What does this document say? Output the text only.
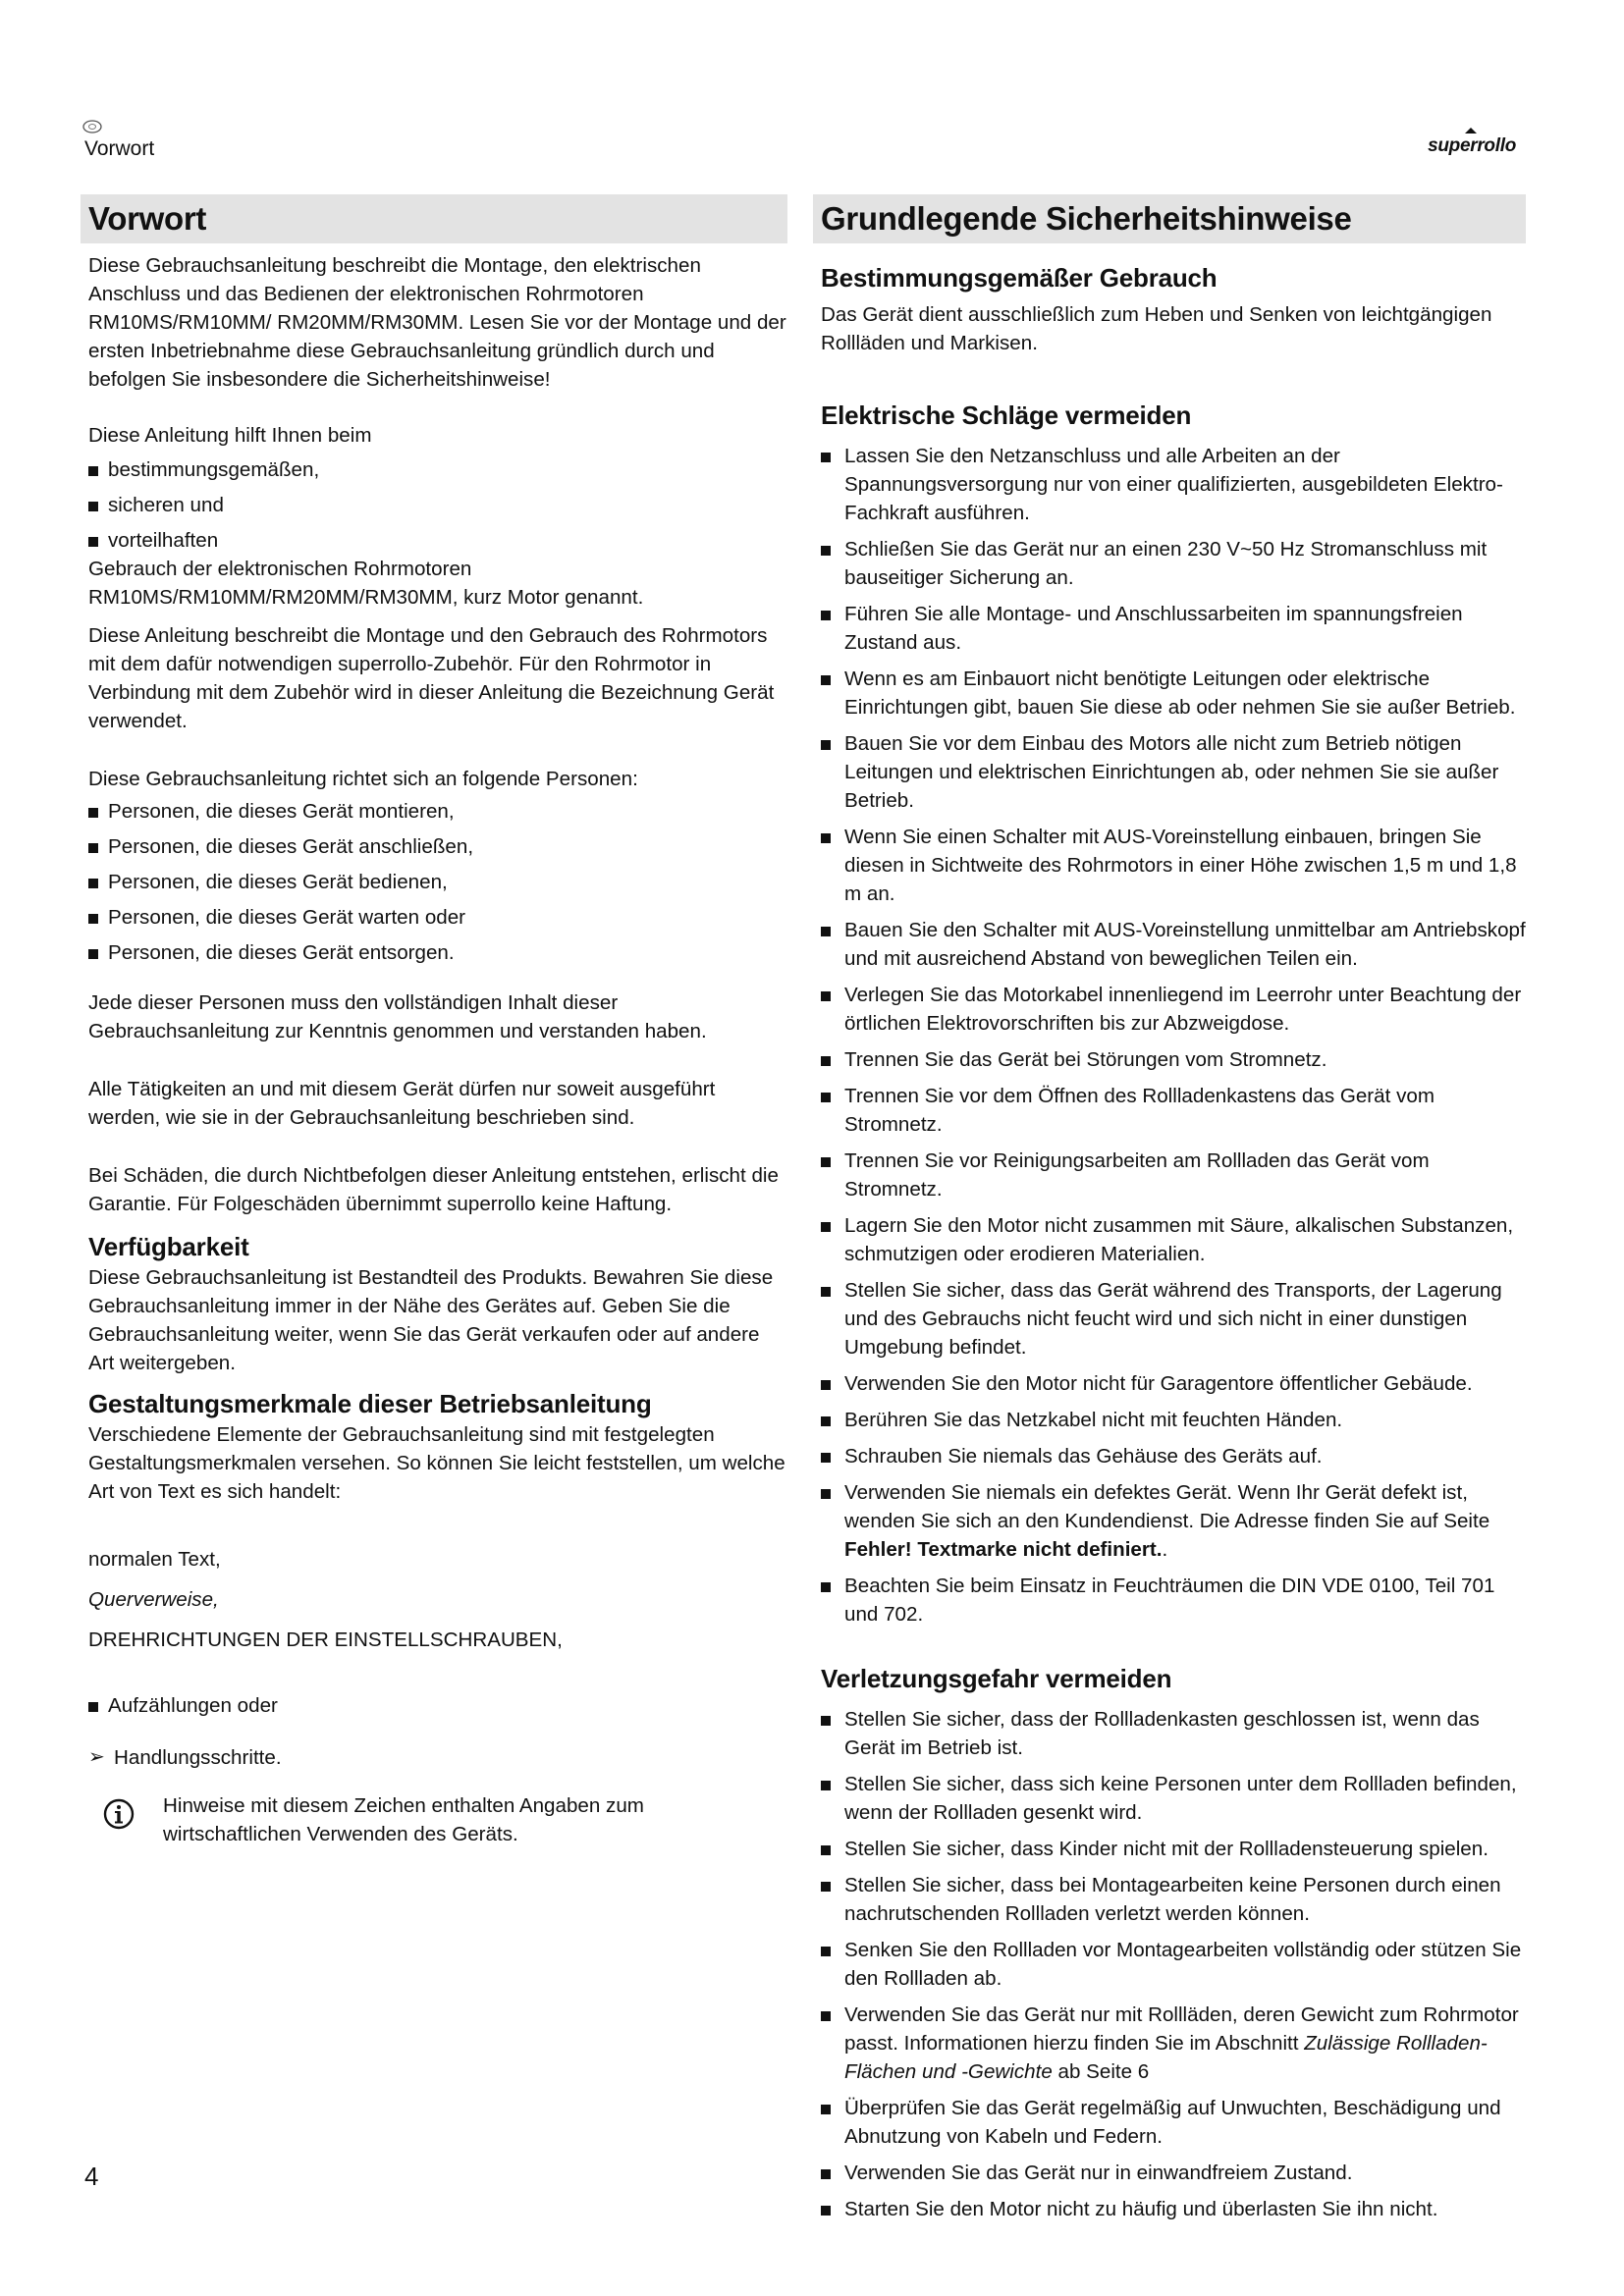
Vorwort	superrollo
Vorwort

Diese Gebrauchsanleitung beschreibt die Montage, den elektrischen Anschluss und das Bedienen der elektronischen Rohrmotoren RM10MS/RM10MM/ RM20MM/RM30MM. Lesen Sie vor der Montage und der ersten Inbetriebnahme diese Gebrauchsanleitung gründlich durch und befolgen Sie insbesondere die Sicherheitshinweise!

Diese Anleitung hilft Ihnen beim

bestimmungsgemäßen,
sicheren und
vorteilhaften

Gebrauch der elektronischen Rohrmotoren RM10MS/RM10MM/RM20MM/RM30MM, kurz Motor genannt.

Diese Anleitung beschreibt die Montage und den Gebrauch des Rohrmotors mit dem dafür notwendigen superrollo-Zubehör. Für den Rohrmotor in Verbindung mit dem Zubehör wird in dieser Anleitung die Bezeichnung Gerät verwendet.

Diese Gebrauchsanleitung richtet sich an folgende Personen:

Personen, die dieses Gerät montieren,
Personen, die dieses Gerät anschließen,
Personen, die dieses Gerät bedienen,
Personen, die dieses Gerät warten oder
Personen, die dieses Gerät entsorgen.

Jede dieser Personen muss den vollständigen Inhalt dieser Gebrauchsanleitung zur Kenntnis genommen und verstanden haben.

Alle Tätigkeiten an und mit diesem Gerät dürfen nur soweit ausgeführt werden, wie sie in der Gebrauchsanleitung beschrieben sind.

Bei Schäden, die durch Nichtbefolgen dieser Anleitung entstehen, erlischt die Garantie. Für Folgeschäden übernimmt superrollo keine Haftung.

Verfügbarkeit

Diese Gebrauchsanleitung ist Bestandteil des Produkts. Bewahren Sie diese Gebrauchsanleitung immer in der Nähe des Gerätes auf. Geben Sie die Gebrauchsanleitung weiter, wenn Sie das Gerät verkaufen oder auf andere Art weitergeben.

Gestaltungsmerkmale dieser Betriebsanleitung

Verschiedene Elemente der Gebrauchsanleitung sind mit festgelegten Gestaltungsmerkmalen versehen. So können Sie leicht feststellen, um welche Art von Text es sich handelt:

normalen Text,

Querverweise,

DREHRICHTUNGEN DER EINSTELLSCHRAUBEN,

Aufzählungen oder
➢ Handlungsschritte.
Hinweise mit diesem Zeichen enthalten Angaben zum wirtschaftlichen Verwenden des Geräts.
Grundlegende Sicherheitshinweise
Bestimmungsgemäßer Gebrauch

Das Gerät dient ausschließlich zum Heben und Senken von leichtgängigen Rollläden und Markisen.

Elektrische Schläge vermeiden
Lassen Sie den Netzanschluss und alle Arbeiten an der Spannungsversorgung nur von einer qualifizierten, ausgebildeten Elektro-Fachkraft ausführen.
Schließen Sie das Gerät nur an einen 230 V~50 Hz Stromanschluss mit bauseitiger Sicherung an.
Führen Sie alle Montage- und Anschlussarbeiten im spannungsfreien Zustand aus.
Wenn es am Einbauort nicht benötigte Leitungen oder elektrische Einrichtungen gibt, bauen Sie diese ab oder nehmen Sie sie außer Betrieb.
Bauen Sie vor dem Einbau des Motors alle nicht zum Betrieb nötigen Leitungen und elektrischen Einrichtungen ab, oder nehmen Sie sie außer Betrieb.
Wenn Sie einen Schalter mit AUS-Voreinstellung einbauen, bringen Sie diesen in Sichtweite des Rohrmotors in einer Höhe zwischen 1,5 m und 1,8 m an.
Bauen Sie den Schalter mit AUS-Voreinstellung unmittelbar am Antriebskopf und mit ausreichend Abstand von beweglichen Teilen ein.
Verlegen Sie das Motorkabel innenliegend im Leerrohr unter Beachtung der örtlichen Elektrovorschriften bis zur Abzweigdose.
Trennen Sie das Gerät bei Störungen vom Stromnetz.
Trennen Sie vor dem Öffnen des Rollladenkastens das Gerät vom Stromnetz.
Trennen Sie vor Reinigungsarbeiten am Rollladen das Gerät vom Stromnetz.
Lagern Sie den Motor nicht zusammen mit Säure, alkalischen Substanzen, schmutzigen oder erodieren Materialien.
Stellen Sie sicher, dass das Gerät während des Transports, der Lagerung und des Gebrauchs nicht feucht wird und sich nicht in einer dunstigen Umgebung befindet.
Verwenden Sie den Motor nicht für Garagentore öffentlicher Gebäude.
Berühren Sie das Netzkabel nicht mit feuchten Händen.
Schrauben Sie niemals das Gehäuse des Geräts auf.
Verwenden Sie niemals ein defektes Gerät. Wenn Ihr Gerät defekt ist, wenden Sie sich an den Kundendienst. Die Adresse finden Sie auf Seite Fehler! Textmarke nicht definiert..
Beachten Sie beim Einsatz in Feuchträumen die DIN VDE 0100, Teil 701 und 702.
Verletzungsgefahr vermeiden
Stellen Sie sicher, dass der Rollladenkasten geschlossen ist, wenn das Gerät im Betrieb ist.
Stellen Sie sicher, dass sich keine Personen unter dem Rollladen befinden, wenn der Rollladen gesenkt wird.
Stellen Sie sicher, dass Kinder nicht mit der Rollladensteuerung spielen.
Stellen Sie sicher, dass bei Montagearbeiten keine Personen durch einen nachrutschenden Rollladen verletzt werden können.
Senken Sie den Rollladen vor Montagearbeiten vollständig oder stützen Sie den Rollladen ab.
Verwenden Sie das Gerät nur mit Rollläden, deren Gewicht zum Rohrmotor passt. Informationen hierzu finden Sie im Abschnitt Zulässige Rollladen-Flächen und -Gewichte ab Seite 6
Überprüfen Sie das Gerät regelmäßig auf Unwuchten, Beschädigung und Abnutzung von Kabeln und Federn.
Verwenden Sie das Gerät nur in einwandfreiem Zustand.
Starten Sie den Motor nicht zu häufig und überlasten Sie ihn nicht.
4
